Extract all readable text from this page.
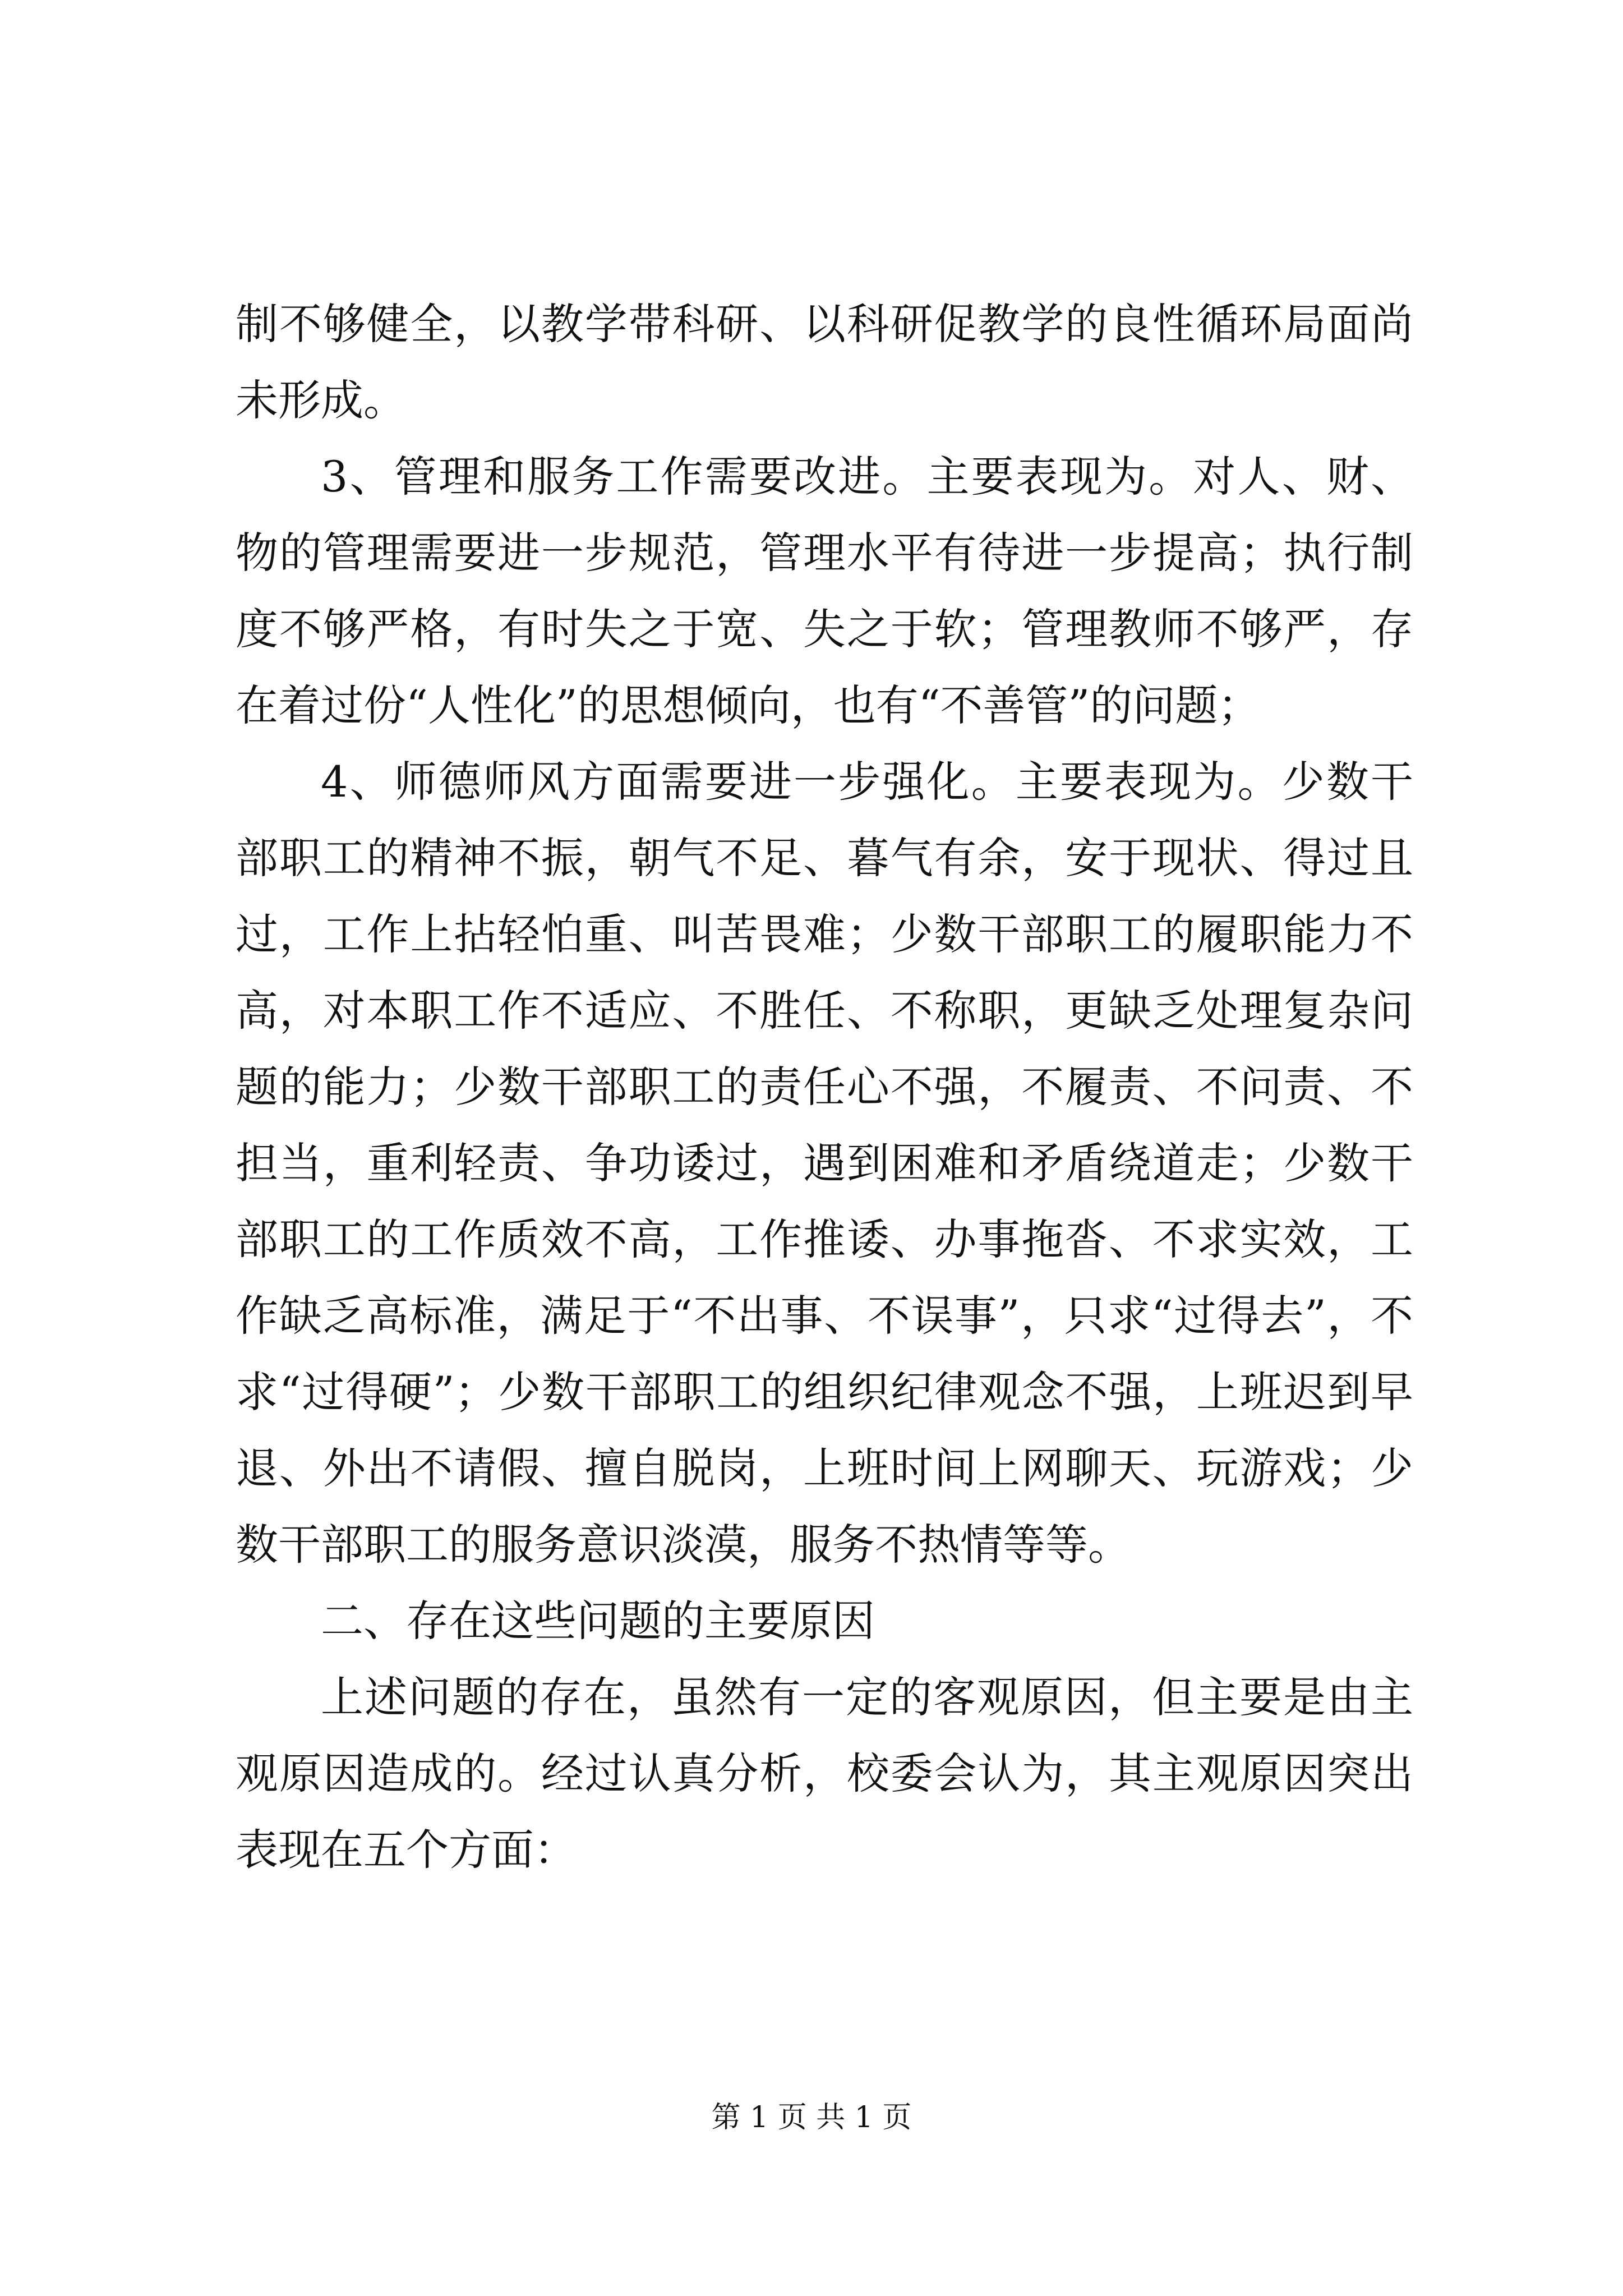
制不够健全，以教学带科研、以科研促教学的良性循环局面尚未形成。

3、管理和服务工作需要改进。主要表现为。对人、财、物的管理需要进一步规范，管理水平有待进一步提高；执行制度不够严格，有时失之于宽、失之于软；管理教师不够严，存在着过份“人性化”的思想倾向，也有“不善管”的问题；

4、师德师风方面需要进一步强化。主要表现为。少数干部职工的精神不振，朝气不足、暮气有余，安于现状、得过且过，工作上拈轻怕重、叫苦畏难；少数干部职工的履职能力不高，对本职工作不适应、不胜任、不称职，更缺乏处理复杂问题的能力；少数干部职工的责任心不强，不履责、不问责、不担当，重利轻责、争功诿过，遇到困难和矛盾绕道走；少数干部职工的工作质效不高，工作推诿、办事拖沓、不求实效，工作缺乏高标准，满足于“不出事、不误事”，只求“过得去”，不求“过得硬”；少数干部职工的组织纪律观念不强，上班迟到早退、外出不请假、擅自脱岗，上班时间上网聊天、玩游戏；少数干部职工的服务意识淡漠，服务不热情等等。

二、存在这些问题的主要原因

上述问题的存在，虽然有一定的客观原因，但主要是由主观原因造成的。经过认真分析，校委会认为，其主观原因突出表现在五个方面：

第 1 页 共 1 页
